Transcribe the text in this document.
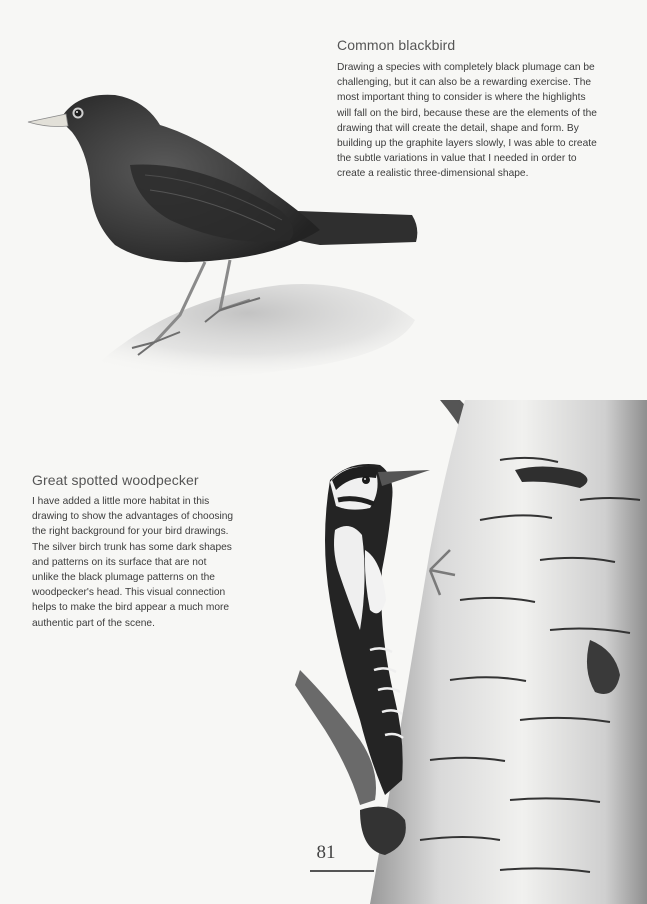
Common blackbird
Drawing a species with completely black plumage can be
challenging, but it can also be a rewarding exercise. The
most important thing to consider is where the highlights
will fall on the bird, because these are the elements of the
drawing that will create the detail, shape and form. By
building up the graphite layers slowly, I was able to create
the subtle variations in value that I needed in order to
create a realistic three-dimensional shape.
Great spotted woodpecker
I have added a little more habitat in this
drawing to show the advantages of choosing
the right background for your bird drawings.
The silver birch trunk has some dark shapes
and patterns on its surface that are not
unlike the black plumage patterns on the
woodpecker's head. This visual connection
helps to make the bird appear a much more
authentic part of the scene.
81
